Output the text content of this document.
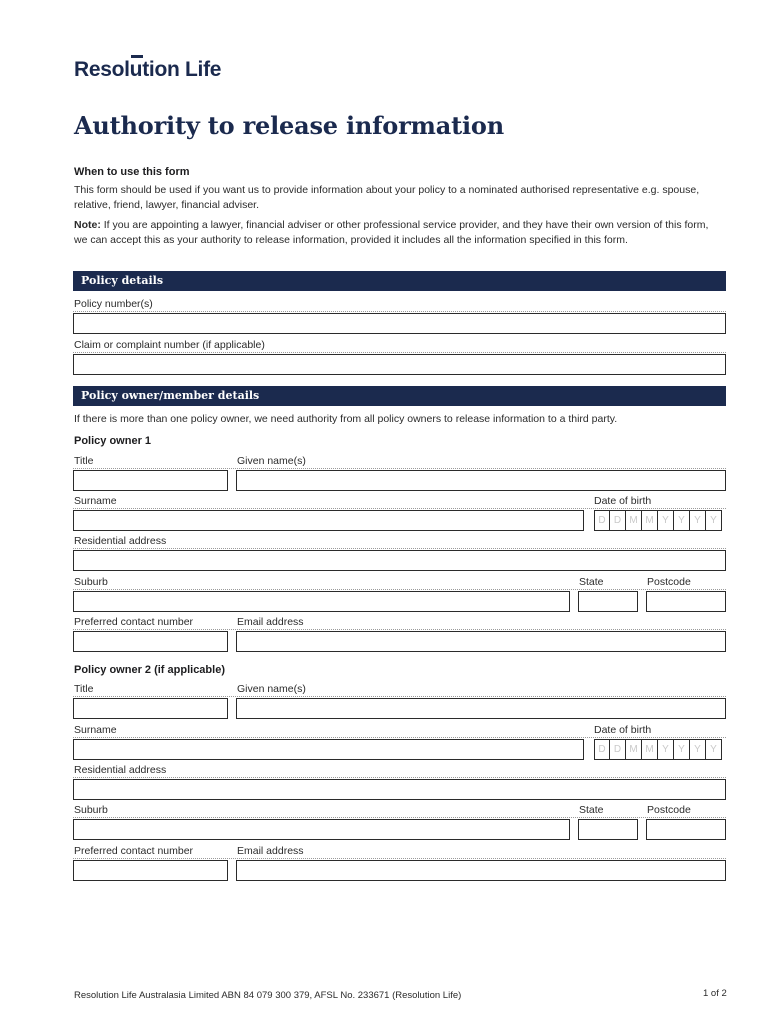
Resolution Life
Authority to release information
When to use this form
This form should be used if you want us to provide information about your policy to a nominated authorised representative e.g. spouse, relative, friend, lawyer, financial adviser.
Note: If you are appointing a lawyer, financial adviser or other professional service provider, and they have their own version of this form, we can accept this as your authority to release information, provided it includes all the information specified in this form.
Policy details
Policy number(s)
Claim or complaint number (if applicable)
Policy owner/member details
If there is more than one policy owner, we need authority from all policy owners to release information to a third party.
Policy owner 1
Title	Given name(s)
Surname	Date of birth
D D M M Y Y Y Y
Residential address
Suburb	State	Postcode
Preferred contact number	Email address
Policy owner 2 (if applicable)
Title	Given name(s)
Surname	Date of birth
D D M M Y Y Y Y
Residential address
Suburb	State	Postcode
Preferred contact number	Email address
Resolution Life Australasia Limited ABN 84 079 300 379, AFSL No. 233671 (Resolution Life)	1 of 2
